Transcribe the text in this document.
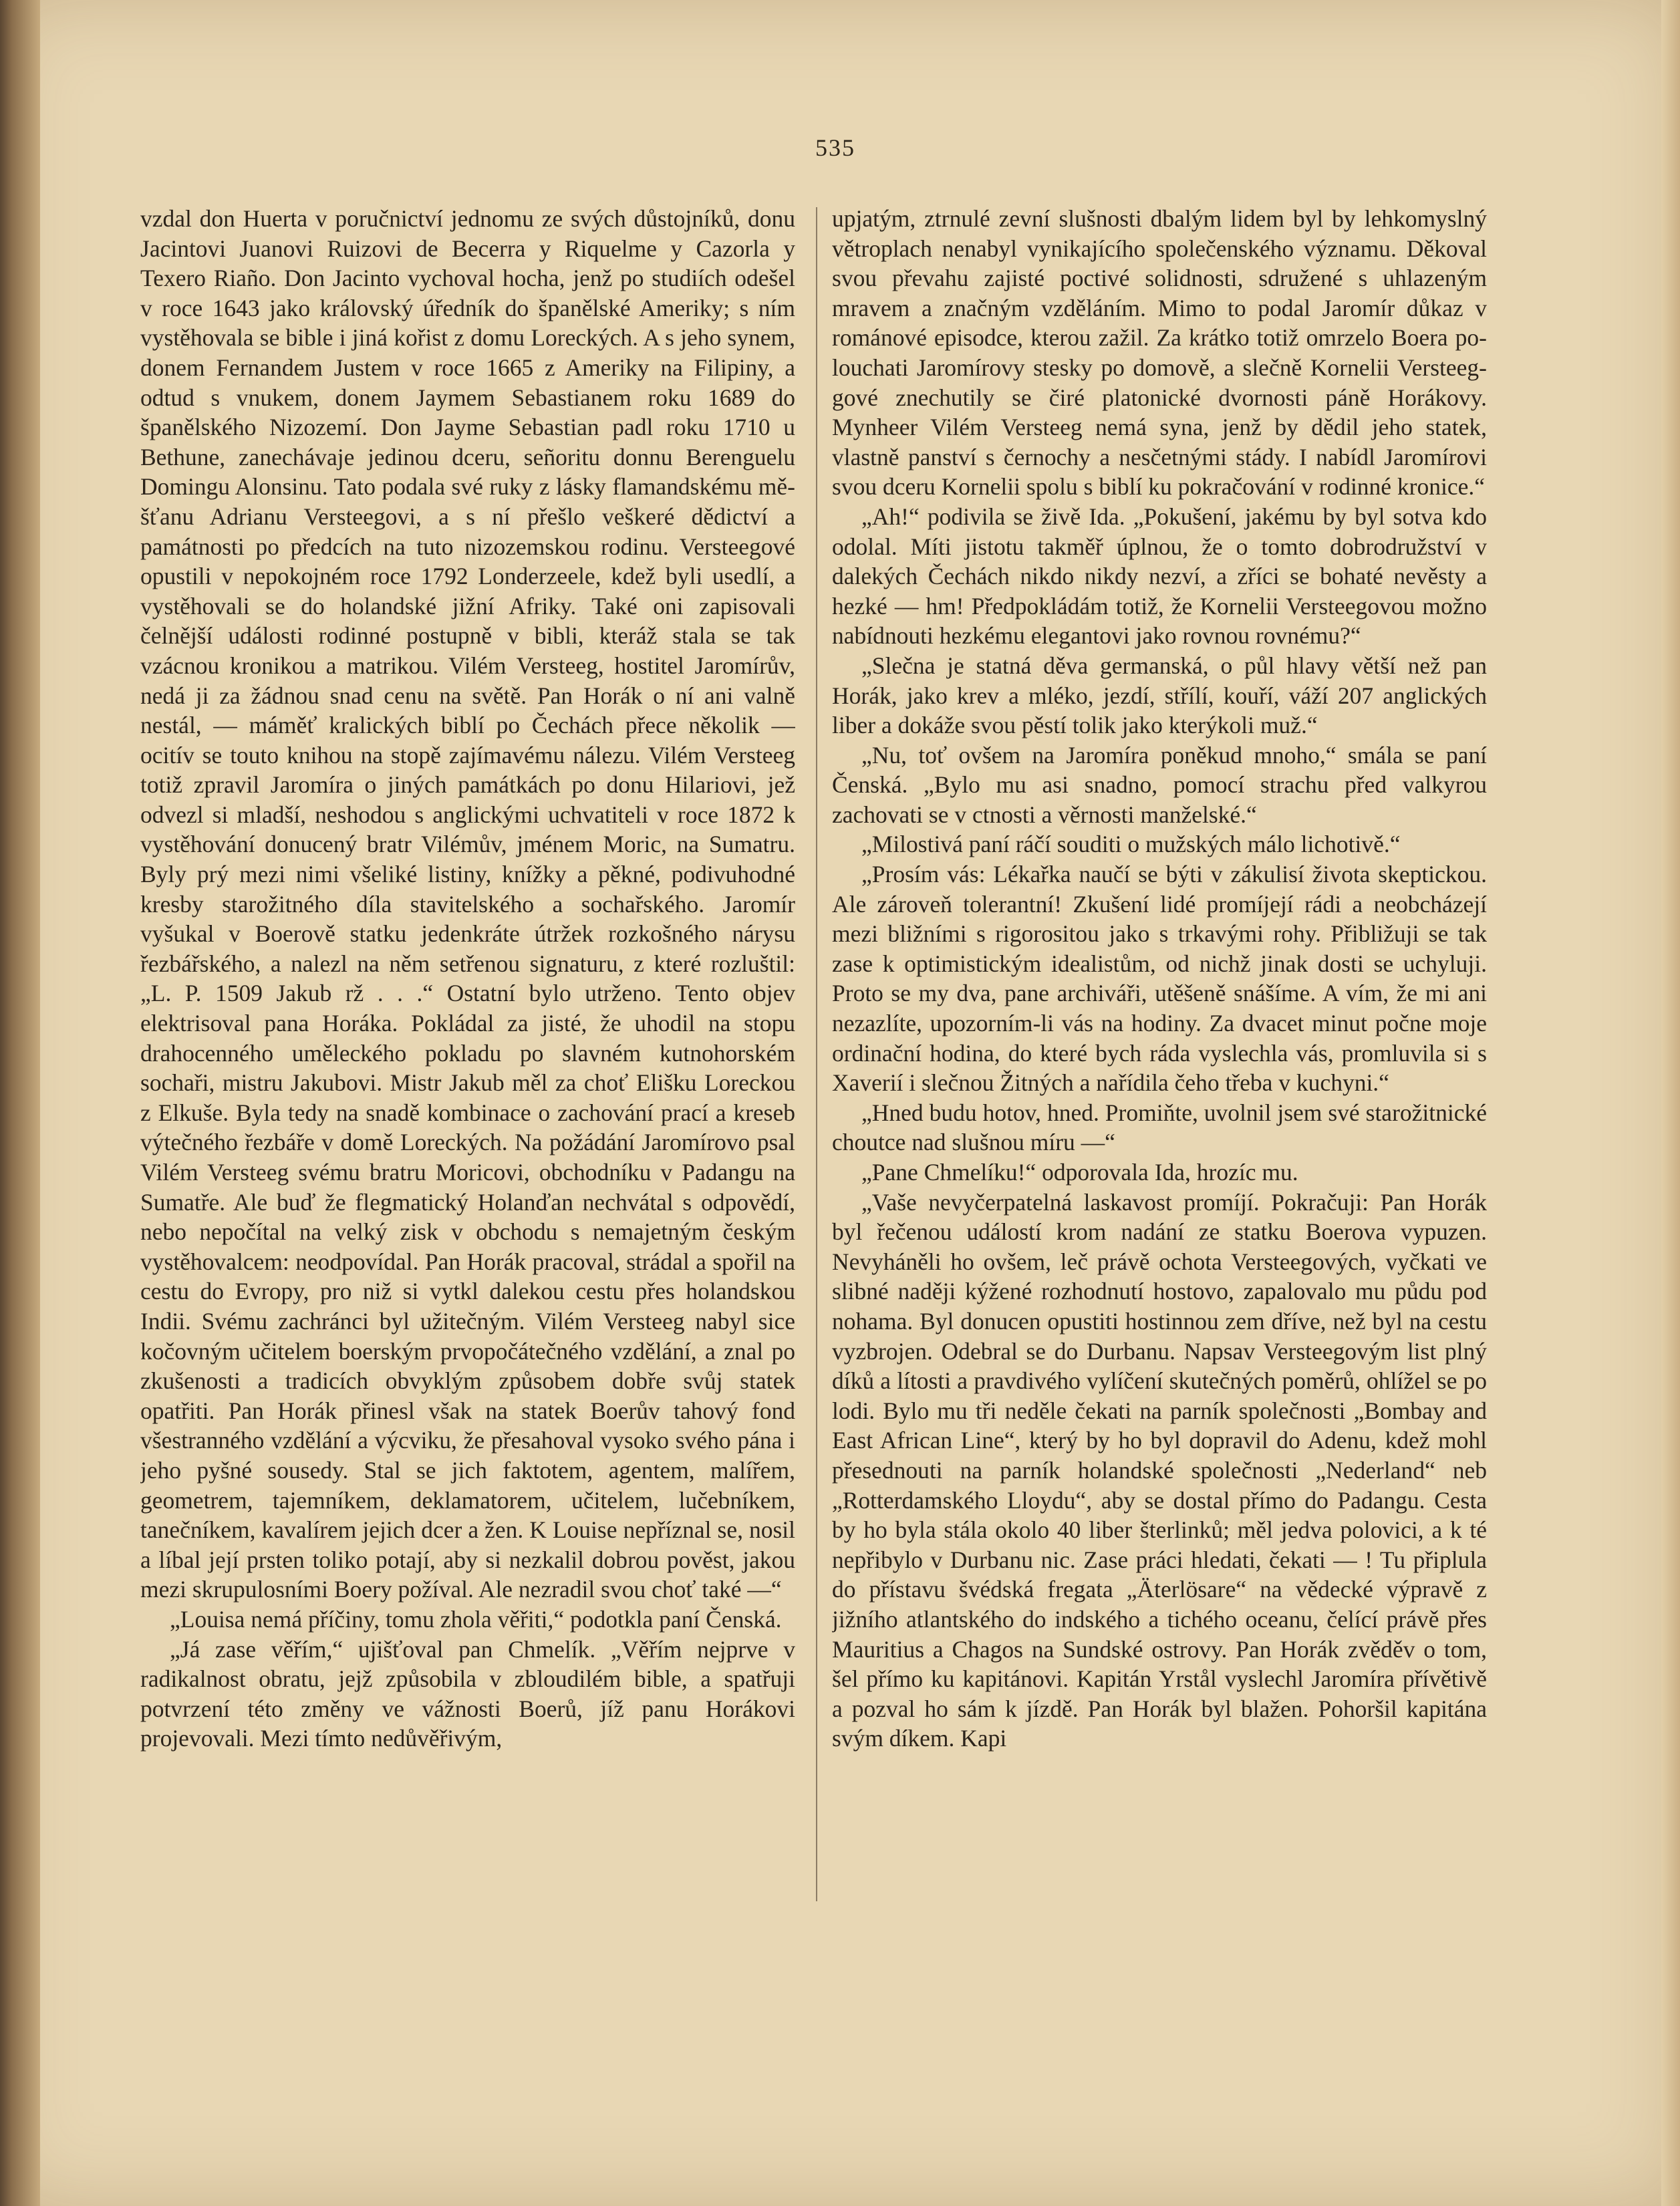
535

vzdal don Huerta v poručnictví jednomu ze svých důstojníků, donu Jacintovi Juanovi Ruizovi de Becerra y Riquelme y Cazorla y Texero Riaño. Don Jacinto vychoval hocha, jenž po studiích odešel v roce 1643 jako královský úředník do španělské Ameriky; s ním vystěhovala se bible i jiná kořist z domu Loreckých. A s jeho synem, donem Fernandem Justem v roce 1665 z Ameriky na Filipiny, a odtud s vnukem, donem Jaymem Sebastianem roku 1689 do španělského Nizozemí. Don Jayme Sebastian padl roku 1710 u Bethune, zanechávaje jedinou dceru, señoritu donnu Berenguelu Domingu Alonsinu. Tato podala své ruky z lásky flamandskému měšťanu Adrianu Versteegovi, a s ní přešlo veškeré dědictví a památnosti po předcích na tuto nizozemskou rodinu. Versteegové opustili v nepokojném roce 1792 Londerzeele, kdež byli usedlí, a vystěhovali se do holandské jižní Afriky. Také oni zapisovali čelnější události rodinné postupně v bibli, kteráž stala se tak vzácnou kronikou a matrikou. Vilém Versteeg, hostitel Jaromírův, nedá ji za žádnou snad cenu na světě. Pan Horák o ní ani valně nestál, — máměť kralických biblí po Čechách přece několik — ocitív se touto knihou na stopě zajímavému nálezu. Vilém Versteeg totiž zpravil Jaromíra o jiných památkách po donu Hilariovi, jež odvezl si mladší, neshodou s anglickými uchvatiteli v roce 1872 k vystěhování donucený bratr Vilémův, jménem Moric, na Sumatru. Byly prý mezi nimi všeliké listiny, knížky a pěkné, podivuhodné kresby starožitného díla stavitelského a sochařského. Jaromír vyšukal v Boerově statku jedenkráte útržek rozkošného nárysu řezbářského, a nalezl na něm setřenou signaturu, z které rozluštil: „L. P. 1509 Jakub rž . . .“ Ostatní bylo utrženo. Tento objev elektrisoval pana Horáka. Pokládal za jisté, že uhodil na stopu drahocenného uměleckého pokladu po slavném kutnohorském sochaři, mistru Jakubovi. Mistr Jakub měl za choť Elišku Loreckou z Elkuše. Byla tedy na snadě kombinace o zachování prací a kreseb výtečného řezbáře v domě Loreckých. Na požádání Jaromírovo psal Vilém Versteeg svému bratru Moricovi, obchodníku v Padangu na Sumatře. Ale buď že flegmatický Holanďan nechvátal s odpovědí, nebo nepočítal na velký zisk v obchodu s nemajetným českým vystěhovalcem: neodpovídal. Pan Horák pracoval, strádal a spořil na cestu do Evropy, pro niž si vytkl dalekou cestu přes holandskou Indii. Svému zachránci byl užitečným. Vilém Versteeg nabyl sice kočovným učitelem boerským prvopočátečného vzdělání, a znal po zkušenosti a tradicích obvyklým způsobem dobře svůj statek opatřiti. Pan Horák přinesl však na statek Boerův tahový fond všestranného vzdělání a výcviku, že přesahoval vysoko svého pána i jeho pyšné sousedy. Stal se jich faktotem, agentem, malířem, geometrem, tajemníkem, deklamatorem, učitelem, lučebníkem, tanečníkem, kavalírem jejich dcer a žen. K Louise nepříznal se, nosil a líbal její prsten toliko potají, aby si nezkalil dobrou pověst, jakou mezi skrupulosními Boery požíval. Ale nezradil svou choť také —“

„Louisa nemá příčiny, tomu zhola věřiti,“ podotkla paní Čenská.

„Já zase věřím,“ ujišťoval pan Chmelík. „Věřím nejprve v radikalnost obratu, jejž způsobila v zbloudilém bible, a spatřuji potvrzení této změny ve vážnosti Boerů, jíž panu Horákovi projevovali. Mezi tímto nedůvěřivým,

upjatým, ztrnulé zevní slušnosti dbalým lidem byl by lehkomyslný větroplach nenabyl vynikajícího společenského významu. Děkoval svou převahu zajisté poctivé solidnosti, sdružené s uhlazeným mravem a značným vzděláním. Mimo to podal Jaromír důkaz v románové episodce, kterou zažil. Za krátko totiž omrzelo Boera po-louchati Jaromírovy stesky po domově, a slečně Kornelii Versteeggové znechutily se čiré platonické dvornosti páně Horákovy. Mynheer Vilém Versteeg nemá syna, jenž by dědil jeho statek, vlastně panství s černochy a nesčetnými stády. I nabídl Jaromírovi svou dceru Kornelii spolu s biblí ku pokračování v rodinné kronice.“

„Ah!“ podivila se živě Ida. „Pokušení, jakému by byl sotva kdo odolal. Míti jistotu takměř úplnou, že o tomto dobrodružství v dalekých Čechách nikdo nikdy nezví, a zříci se bohaté nevěsty a hezké — hm! Předpokládám totiž, že Kornelii Versteegovou možno nabídnouti hezkému elegantovi jako rovnou rovnému?“

„Slečna je statná děva germanská, o půl hlavy větší než pan Horák, jako krev a mléko, jezdí, střílí, kouří, váží 207 anglických liber a dokáže svou pěstí tolik jako kterýkoli muž.“

„Nu, toť ovšem na Jaromíra poněkud mnoho,“ smála se paní Čenská. „Bylo mu asi snadno, pomocí strachu před valkyrou zachovati se v ctnosti a věrnosti manželské.“

„Milostivá paní ráčí souditi o mužských málo lichotivě.“

„Prosím vás: Lékařka naučí se býti v zákulisí života skeptickou. Ale zároveň tolerantní! Zkušení lidé promíjejí rádi a neobcházejí mezi bližními s rigorositou jako s trkavými rohy. Přibližuji se tak zase k optimistickým idealistům, od nichž jinak dosti se uchyluji. Proto se my dva, pane archiváři, utěšeně snášíme. A vím, že mi ani nezazlíte, upozorním-li vás na hodiny. Za dvacet minut počne moje ordinační hodina, do které bych ráda vyslechla vás, promluvila si s Xaverií i slečnou Žitných a nařídila čeho třeba v kuchyni.“

„Hned budu hotov, hned. Promiňte, uvolnil jsem své starožitnické choutce nad slušnou míru —“

„Pane Chmelíku!“ odporovala Ida, hrozíc mu.

„Vaše nevyčerpatelná laskavost promíjí. Pokračuji: Pan Horák byl řečenou událostí krom nadání ze statku Boerova vypuzen. Nevyháněli ho ovšem, leč právě ochota Versteegových, vyčkati ve slibné naději kýžené rozhodnutí hostovo, zapalovalo mu půdu pod nohama. Byl donucen opustiti hostinnou zem dříve, než byl na cestu vyzbrojen. Odebral se do Durbanu. Napsav Versteegovým list plný díků a lítosti a pravdivého vylíčení skutečných poměrů, ohlížel se po lodi. Bylo mu tři neděle čekati na parník společnosti „Bombay and East African Line“, který by ho byl dopravil do Adenu, kdež mohl přesednouti na parník holandské společnosti „Nederland“ neb „Rotterdamského Lloydu“, aby se dostal přímo do Padangu. Cesta by ho byla stála okolo 40 liber šterlinků; měl jedva polovici, a k té nepřibylo v Durbanu nic. Zase práci hledati, čekati — ! Tu připlula do přístavu švédská fregata „Äterlösare“ na vědecké výpravě z jižního atlantského do indského a tichého oceanu, čelící právě přes Mauritius a Chagos na Sundské ostrovy. Pan Horák zvěděv o tom, šel přímo ku kapitánovi. Kapitán Yrstål vyslechl Jaromíra přívětivě a pozval ho sám k jízdě. Pan Horák byl blažen. Pohoršil kapitána svým díkem. Kapi
